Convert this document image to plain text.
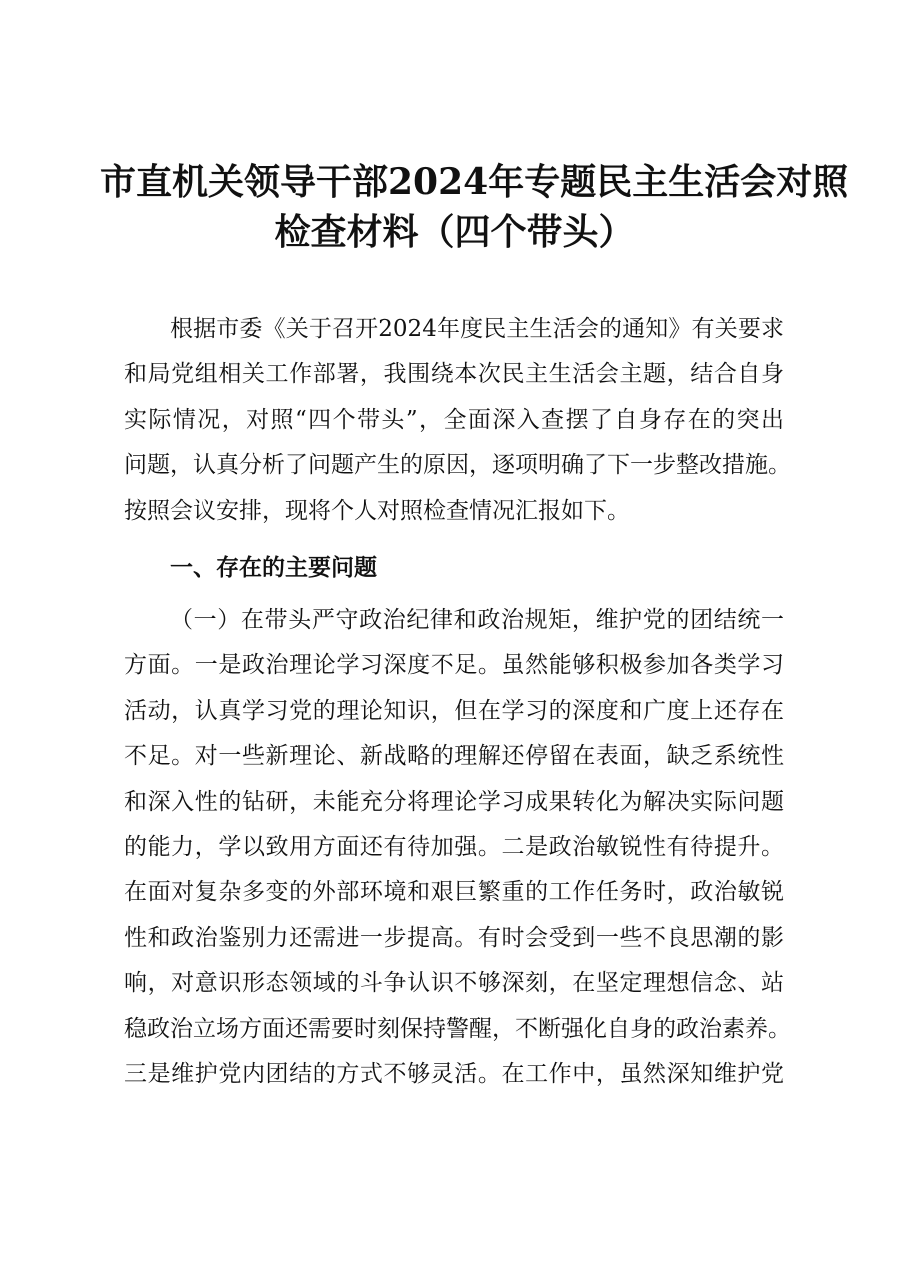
市直机关领导干部2024年专题民主生活会对照
检查材料（四个带头）
根据市委《关于召开2024年度民主生活会的通知》有关要求
和局党组相关工作部署，我围绕本次民主生活会主题，结合自身
实际情况，对照“四个带头”，全面深入查摆了自身存在的突出
问题，认真分析了问题产生的原因，逐项明确了下一步整改措施。
按照会议安排，现将个人对照检查情况汇报如下。
一、存在的主要问题
（一）在带头严守政治纪律和政治规矩，维护党的团结统一
方面。一是政治理论学习深度不足。虽然能够积极参加各类学习
活动，认真学习党的理论知识，但在学习的深度和广度上还存在
不足。对一些新理论、新战略的理解还停留在表面，缺乏系统性
和深入性的钻研，未能充分将理论学习成果转化为解决实际问题
的能力，学以致用方面还有待加强。二是政治敏锐性有待提升。
在面对复杂多变的外部环境和艰巨繁重的工作任务时，政治敏锐
性和政治鉴别力还需进一步提高。有时会受到一些不良思潮的影
响，对意识形态领域的斗争认识不够深刻，在坚定理想信念、站
稳政治立场方面还需要时刻保持警醒，不断强化自身的政治素养。
三是维护党内团结的方式不够灵活。在工作中，虽然深知维护党
